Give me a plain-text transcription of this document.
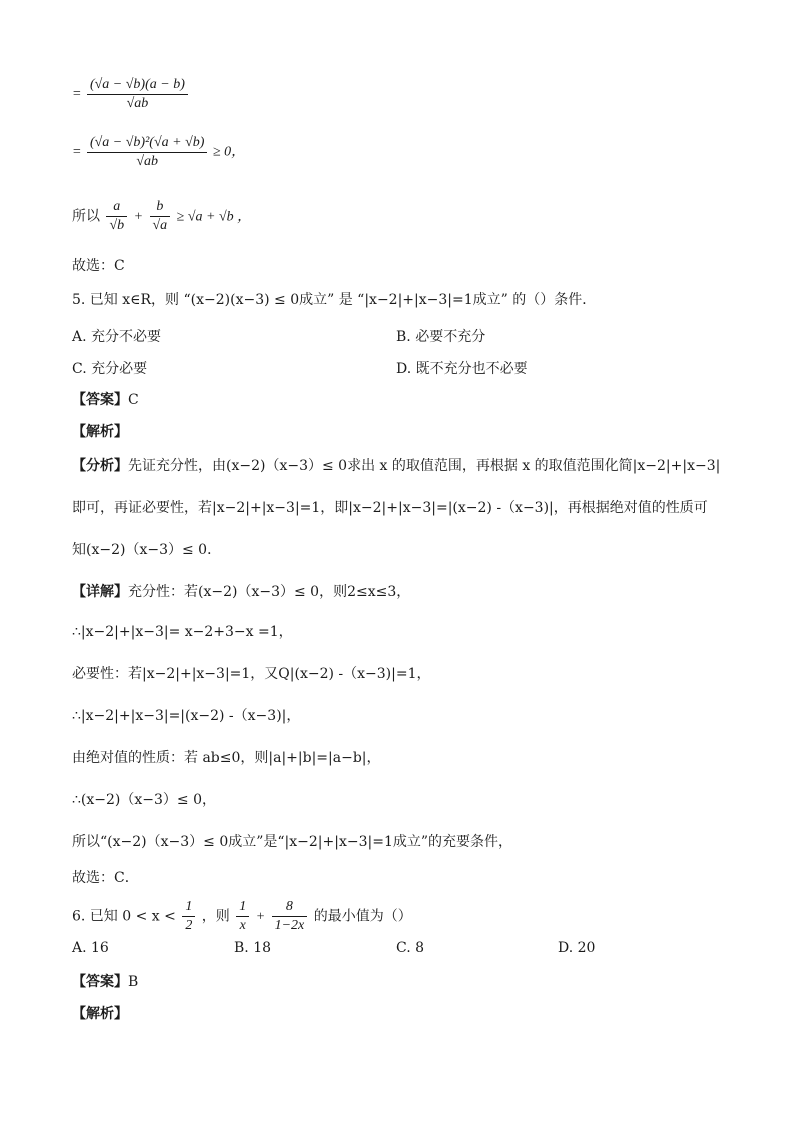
= $\frac{(√a - √b)(a - b)}{√ab}$
= $\frac{\text{(√a − √b)²(√a + √b)}}{√ab} \ge 0$，
所以 $\frac{a}{√b} + \frac{b}{√a} \ge √a + √b$ ，
故选：C
5. 已知 x∈R，则 “(x−2)(x−3) ≤ 0成立” 是 “|x−2|+|x−3|=1成立” 的（）条件．
A. 充分不必要	B. 必要不充分
C. 充分必要	D. 既不充分也不必要
【答案】C
【解析】
【分析】先证充分性，由(x−2)（x−3）≤ 0求出 x 的取值范围，再根据 x 的取值范围化简|x−2|+|x−3|
即可，再证必要性，若|x−2|+|x−3|=1，即|x−2|+|x−3|=|(x−2) -（x−3)|，再根据绝对值的性质可
知(x−2)（x−3）≤ 0．
【详解】充分性：若(x−2)（x−3）≤ 0，则2≤x≤3，
∴|x−2|+|x−3|= x−2+3−x =1，
必要性：若|x−2|+|x−3|=1，又Q|(x−2) -（x−3)|=1，
∴|x−2|+|x−3|=|(x−2) -（x−3)|，
由绝对值的性质：若 ab≤0，则|a|+|b|=|a−b|，
∴(x−2)（x−3）≤ 0，
所以“(x−2)（x−3）≤ 0成立”是“|x−2|+|x−3|=1成立”的充要条件，
故选：C．
6. 已知 $0 < x < \frac{1}{2}$ ，则 $\frac{1}{x} + \frac{8}{1-2x}$ 的最小值为（）
A. 16	B. 18	C. 8	D. 20
【答案】B
【解析】
